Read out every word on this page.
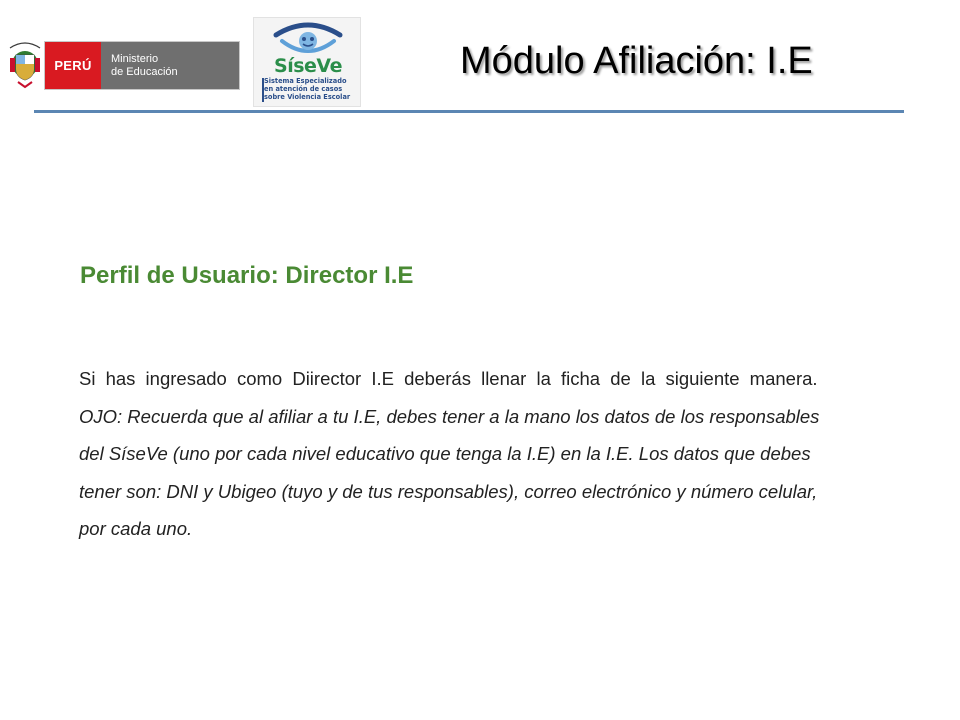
PERÚ	Ministerio
de Educación	SíseVe
Sistema Especializado
en atención de casos
sobre Violencia Escolar
Módulo Afiliación: I.E
Perfil de Usuario: Director I.E

Si has ingresado como Diirector I.E deberás llenar la ficha de la siguiente manera.

OJO: Recuerda que al afiliar a tu I.E, debes tener a la mano los datos de los responsables del SíseVe (uno por cada nivel educativo que tenga la I.E) en la I.E. Los datos que debes tener son: DNI y Ubigeo (tuyo y de tus responsables), correo electrónico y número celular, por cada uno.
